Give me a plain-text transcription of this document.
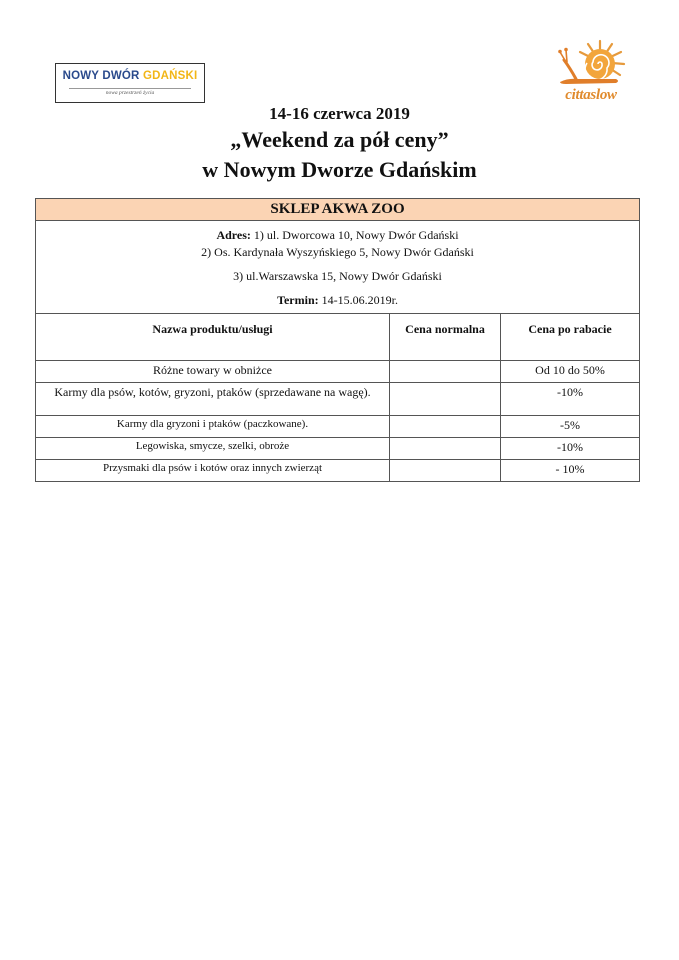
NOWY DWÓR GDAŃSKI
nowa przestrzeń życia	cittaslow
14-16 czerwca 2019
„Weekend za pół ceny”
w Nowym Dworze Gdańskim
SKLEP AKWA ZOO		

Adres: 1) ul. Dworcowa 10, Nowy Dwór Gdański
2) Os. Kardynała Wyszyńskiego 5, Nowy Dwór Gdański
3) ul.Warszawska 15, Nowy Dwór Gdański
Termin: 14-15.06.2019r.		

Nazwa produktu/usługi	Cena normalna	Cena po rabacie
Różne towary w obniżce		Od 10 do 50%
Karmy dla psów, kotów, gryzoni, ptaków (sprzedawane na wagę).		-10%
Karmy dla gryzoni i ptaków (paczkowane).		-5%
Legowiska, smycze, szelki, obroże		-10%
Przysmaki dla psów i kotów oraz innych zwierząt		- 10%
